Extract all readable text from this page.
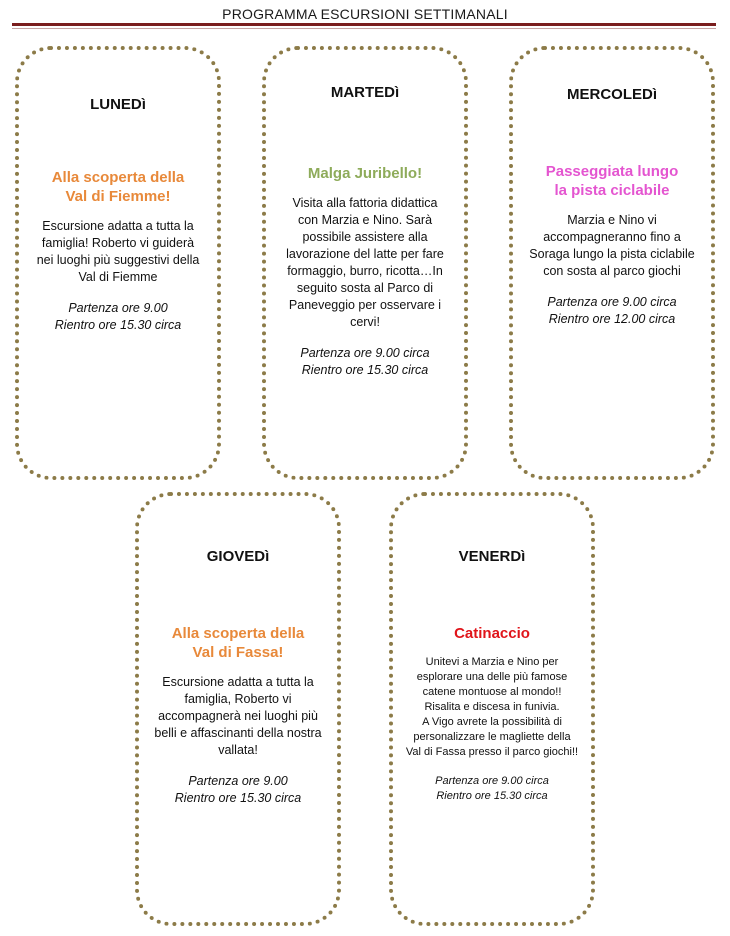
PROGRAMMA ESCURSIONI SETTIMANALI
LUNEDì
Alla scoperta della
Val di Fiemme!
Escursione adatta a tutta la
famiglia! Roberto vi guiderà
nei luoghi più suggestivi della
Val di Fiemme
Partenza ore 9.00
Rientro ore 15.30 circa
MARTEDì
Malga Juribello!
Visita alla fattoria didattica
con Marzia e Nino. Sarà
possibile assistere alla
lavorazione del latte per fare
formaggio, burro, ricotta…In
seguito sosta al Parco di
Paneveggio per osservare i
cervi!
Partenza ore 9.00 circa
Rientro ore 15.30 circa
MERCOLEDì
Passeggiata lungo
la pista ciclabile
Marzia e Nino vi
accompagneranno fino a
Soraga lungo la pista ciclabile
con sosta al parco giochi
Partenza ore 9.00 circa
Rientro ore 12.00 circa
GIOVEDì
Alla scoperta della
Val di Fassa!
Escursione adatta a tutta la
famiglia, Roberto vi
accompagnerà nei luoghi più
belli e affascinanti della nostra
vallata!
Partenza ore 9.00
Rientro ore 15.30 circa
VENERDì
Catinaccio
Unitevi a Marzia e Nino per
esplorare una delle più famose
catene montuose al mondo!!
Risalita e discesa in funivia.
A Vigo avrete la possibilità di
personalizzare le magliette della
Val di Fassa presso il parco giochi!!
Partenza ore 9.00 circa
Rientro ore 15.30 circa
